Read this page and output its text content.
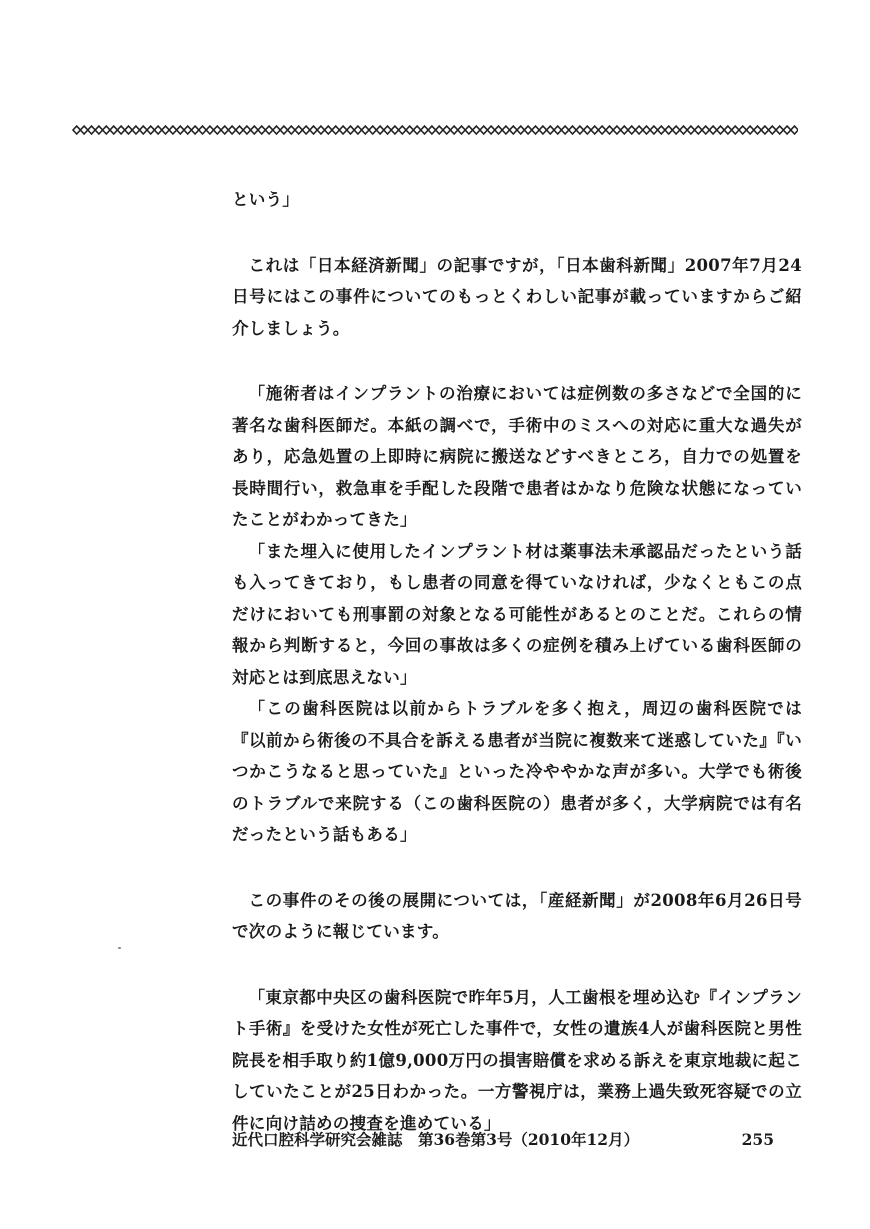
という」

これは「日本経済新聞」の記事ですが，「日本歯科新聞」2007年7月24日号にはこの事件についてのもっとくわしい記事が載っていますからご紹介しましょう。

「施術者はインプラントの治療においては症例数の多さなどで全国的に著名な歯科医師だ。本紙の調べで，手術中のミスへの対応に重大な過失があり，応急処置の上即時に病院に搬送などすべきところ，自力での処置を長時間行い，救急車を手配した段階で患者はかなり危険な状態になっていたことがわかってきた」

「また埋入に使用したインプラント材は薬事法未承認品だったという話も入ってきており，もし患者の同意を得ていなければ，少なくともこの点だけにおいても刑事罰の対象となる可能性があるとのことだ。これらの情報から判断すると，今回の事故は多くの症例を積み上げている歯科医師の対応とは到底思えない」

「この歯科医院は以前からトラブルを多く抱え，周辺の歯科医院では『以前から術後の不具合を訴える患者が当院に複数来て迷惑していた』『いつかこうなると思っていた』といった冷ややかな声が多い。大学でも術後のトラブルで来院する（この歯科医院の）患者が多く，大学病院では有名だったという話もある」

この事件のその後の展開については，「産経新聞」が2008年6月26日号で次のように報じています。

「東京都中央区の歯科医院で昨年5月，人工歯根を埋め込む『インプラント手術』を受けた女性が死亡した事件で，女性の遺族4人が歯科医院と男性院長を相手取り約1億9,000万円の損害賠償を求める訴えを東京地裁に起こしていたことが25日わかった。一方警視庁は，業務上過失致死容疑での立件に向け詰めの捜査を進めている」

近代口腔科学研究会雑誌　第36巻第3号（2010年12月）	255
